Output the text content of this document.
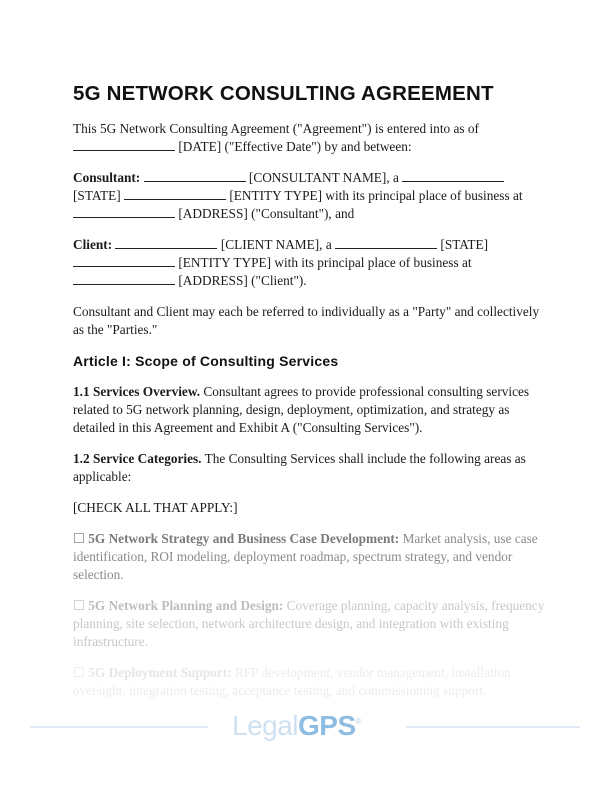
5G NETWORK CONSULTING AGREEMENT

This 5G Network Consulting Agreement ("Agreement") is entered into as of
[DATE] ("Effective Date") by and between:

Consultant:	[CONSULTANT NAME], a
[STATE]	[ENTITY TYPE] with its principal place of business at
[ADDRESS] ("Consultant"), and

Client:	[CLIENT NAME], a	[STATE]
[ENTITY TYPE] with its principal place of business at
[ADDRESS] ("Client").

Consultant and Client may each be referred to individually as a "Party" and collectively as the "Parties."

Article I: Scope of Consulting Services

1.1 Services Overview. Consultant agrees to provide professional consulting services related to 5G network planning, design, deployment, optimization, and strategy as detailed in this Agreement and Exhibit A ("Consulting Services").

1.2 Service Categories. The Consulting Services shall include the following areas as applicable:

[CHECK ALL THAT APPLY:]

☐ 5G Network Strategy and Business Case Development: Market analysis, use case identification, ROI modeling, deployment roadmap, spectrum strategy, and vendor selection.

☐ 5G Network Planning and Design: Coverage planning, capacity analysis, frequency planning, site selection, network architecture design, and integration with existing infrastructure.

☐ 5G Deployment Support: RFP development, vendor management, installation oversight, integration testing, acceptance testing, and commissioning support.

LegalGPS®
